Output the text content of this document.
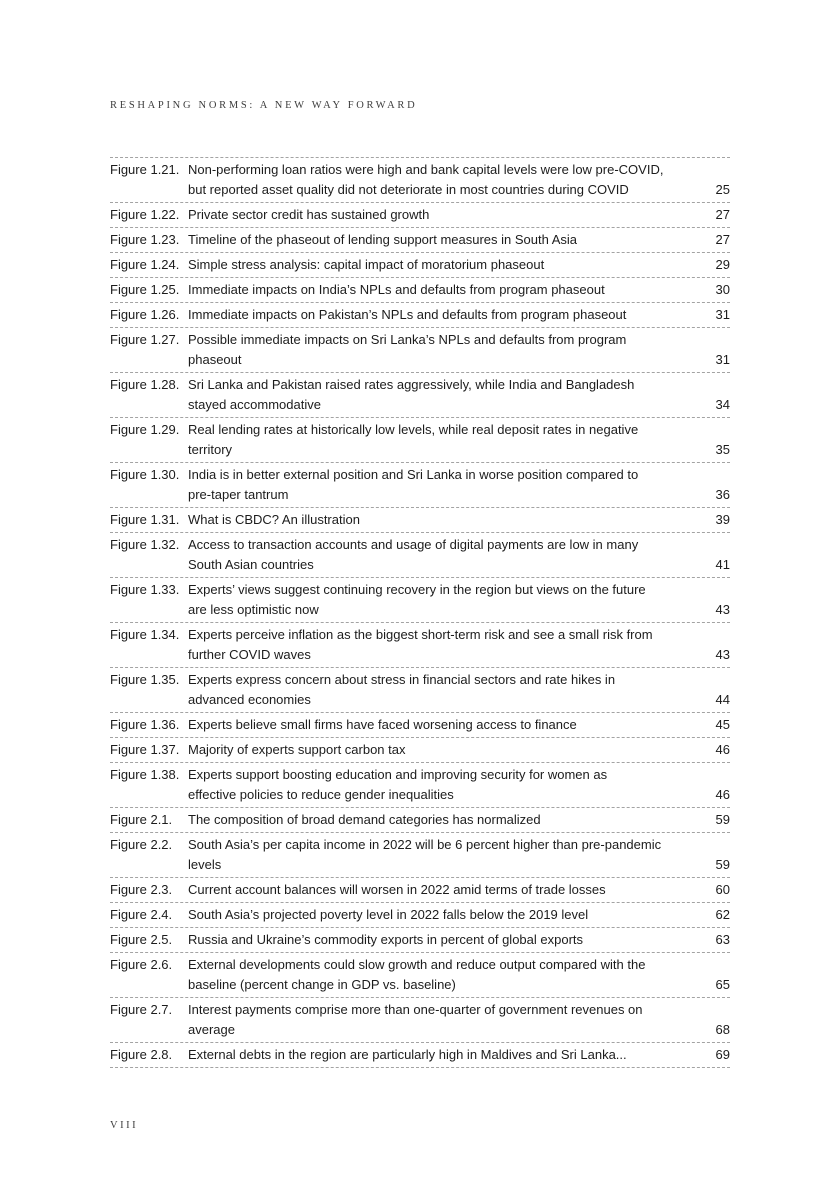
RESHAPING NORMS: A NEW WAY FORWARD
Figure 1.21. Non-performing loan ratios were high and bank capital levels were low pre-COVID,
but reported asset quality did not deteriorate in most countries during COVID	25
Figure 1.22. Private sector credit has sustained growth	27
Figure 1.23. Timeline of the phaseout of lending support measures in South Asia	27
Figure 1.24. Simple stress analysis: capital impact of moratorium phaseout	29
Figure 1.25. Immediate impacts on India’s NPLs and defaults from program phaseout	30
Figure 1.26. Immediate impacts on Pakistan’s NPLs and defaults from program phaseout	31
Figure 1.27. Possible immediate impacts on Sri Lanka’s NPLs and defaults from program
phaseout	31
Figure 1.28. Sri Lanka and Pakistan raised rates aggressively, while India and Bangladesh
stayed accommodative	34
Figure 1.29. Real lending rates at historically low levels, while real deposit rates in negative
territory	35
Figure 1.30. India is in better external position and Sri Lanka in worse position compared to
pre-taper tantrum	36
Figure 1.31. What is CBDC? An illustration	39
Figure 1.32. Access to transaction accounts and usage of digital payments are low in many
South Asian countries	41
Figure 1.33. Experts’ views suggest continuing recovery in the region but views on the future
are less optimistic now	43
Figure 1.34. Experts perceive inflation as the biggest short-term risk and see a small risk from
further COVID waves	43
Figure 1.35. Experts express concern about stress in financial sectors and rate hikes in
advanced economies	44
Figure 1.36. Experts believe small firms have faced worsening access to finance	45
Figure 1.37. Majority of experts support carbon tax	46
Figure 1.38. Experts support boosting education and improving security for women as
effective policies to reduce gender inequalities	46
Figure 2.1.	The composition of broad demand categories has normalized	59
Figure 2.2.	South Asia’s per capita income in 2022 will be 6 percent higher than pre-pandemic
levels	59
Figure 2.3.	Current account balances will worsen in 2022 amid terms of trade losses	60
Figure 2.4.	South Asia’s projected poverty level in 2022 falls below the 2019 level	62
Figure 2.5.	Russia and Ukraine’s commodity exports in percent of global exports	63
Figure 2.6.	External developments could slow growth and reduce output compared with the
baseline (percent change in GDP vs. baseline)	65
Figure 2.7.	Interest payments comprise more than one-quarter of government revenues on
average	68
Figure 2.8.	External debts in the region are particularly high in Maldives and Sri Lanka...	69
VIII
